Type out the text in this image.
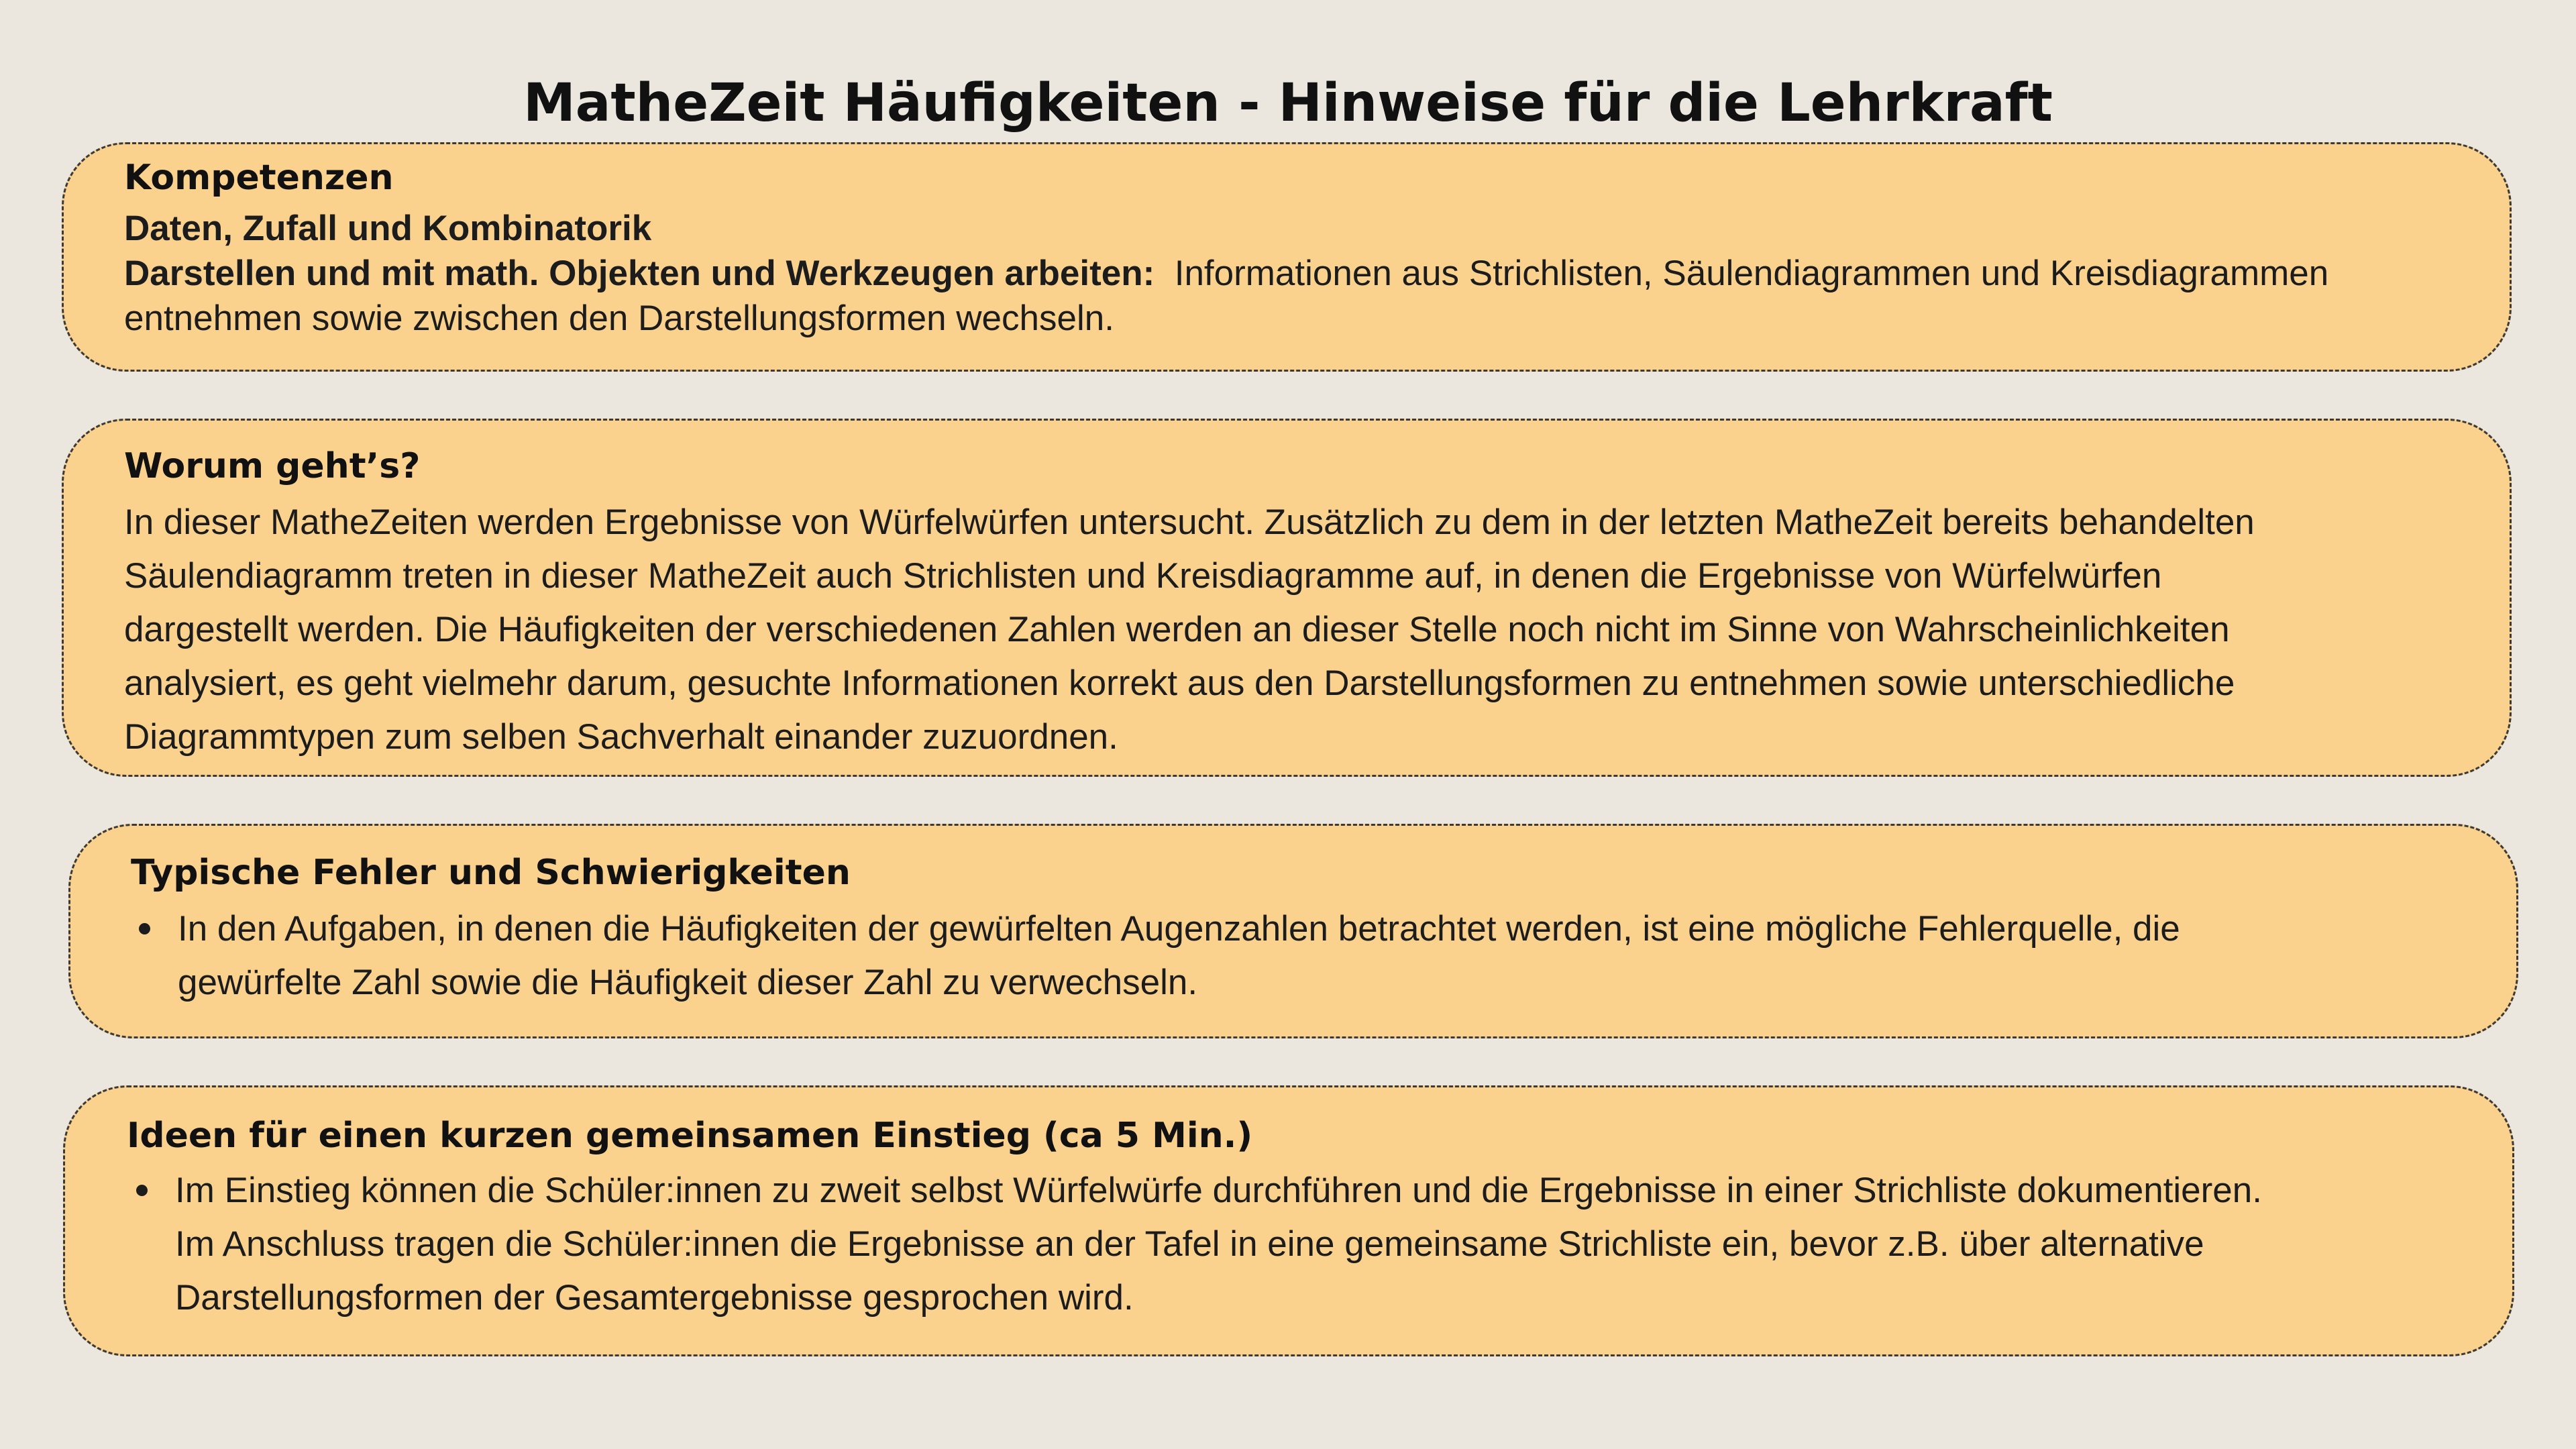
MatheZeit Häufigkeiten - Hinweise für die Lehrkraft
Kompetenzen
Daten, Zufall und Kombinatorik
Darstellen und mit math. Objekten und Werkzeugen arbeiten: Informationen aus Strichlisten, Säulendiagrammen und Kreisdiagrammen
entnehmen sowie zwischen den Darstellungsformen wechseln.
Worum geht’s?
In dieser MatheZeiten werden Ergebnisse von Würfelwürfen untersucht. Zusätzlich zu dem in der letzten MatheZeit bereits behandelten
Säulendiagramm treten in dieser MatheZeit auch Strichlisten und Kreisdiagramme auf, in denen die Ergebnisse von Würfelwürfen
dargestellt werden. Die Häufigkeiten der verschiedenen Zahlen werden an dieser Stelle noch nicht im Sinne von Wahrscheinlichkeiten
analysiert, es geht vielmehr darum, gesuchte Informationen korrekt aus den Darstellungsformen zu entnehmen sowie unterschiedliche
Diagrammtypen zum selben Sachverhalt einander zuzuordnen.
Typische Fehler und Schwierigkeiten
In den Aufgaben, in denen die Häufigkeiten der gewürfelten Augenzahlen betrachtet werden, ist eine mögliche Fehlerquelle, die
gewürfelte Zahl sowie die Häufigkeit dieser Zahl zu verwechseln.
Ideen für einen kurzen gemeinsamen Einstieg (ca 5 Min.)
Im Einstieg können die Schüler:innen zu zweit selbst Würfelwürfe durchführen und die Ergebnisse in einer Strichliste dokumentieren.
Im Anschluss tragen die Schüler:innen die Ergebnisse an der Tafel in eine gemeinsame Strichliste ein, bevor z.B. über alternative
Darstellungsformen der Gesamtergebnisse gesprochen wird.
